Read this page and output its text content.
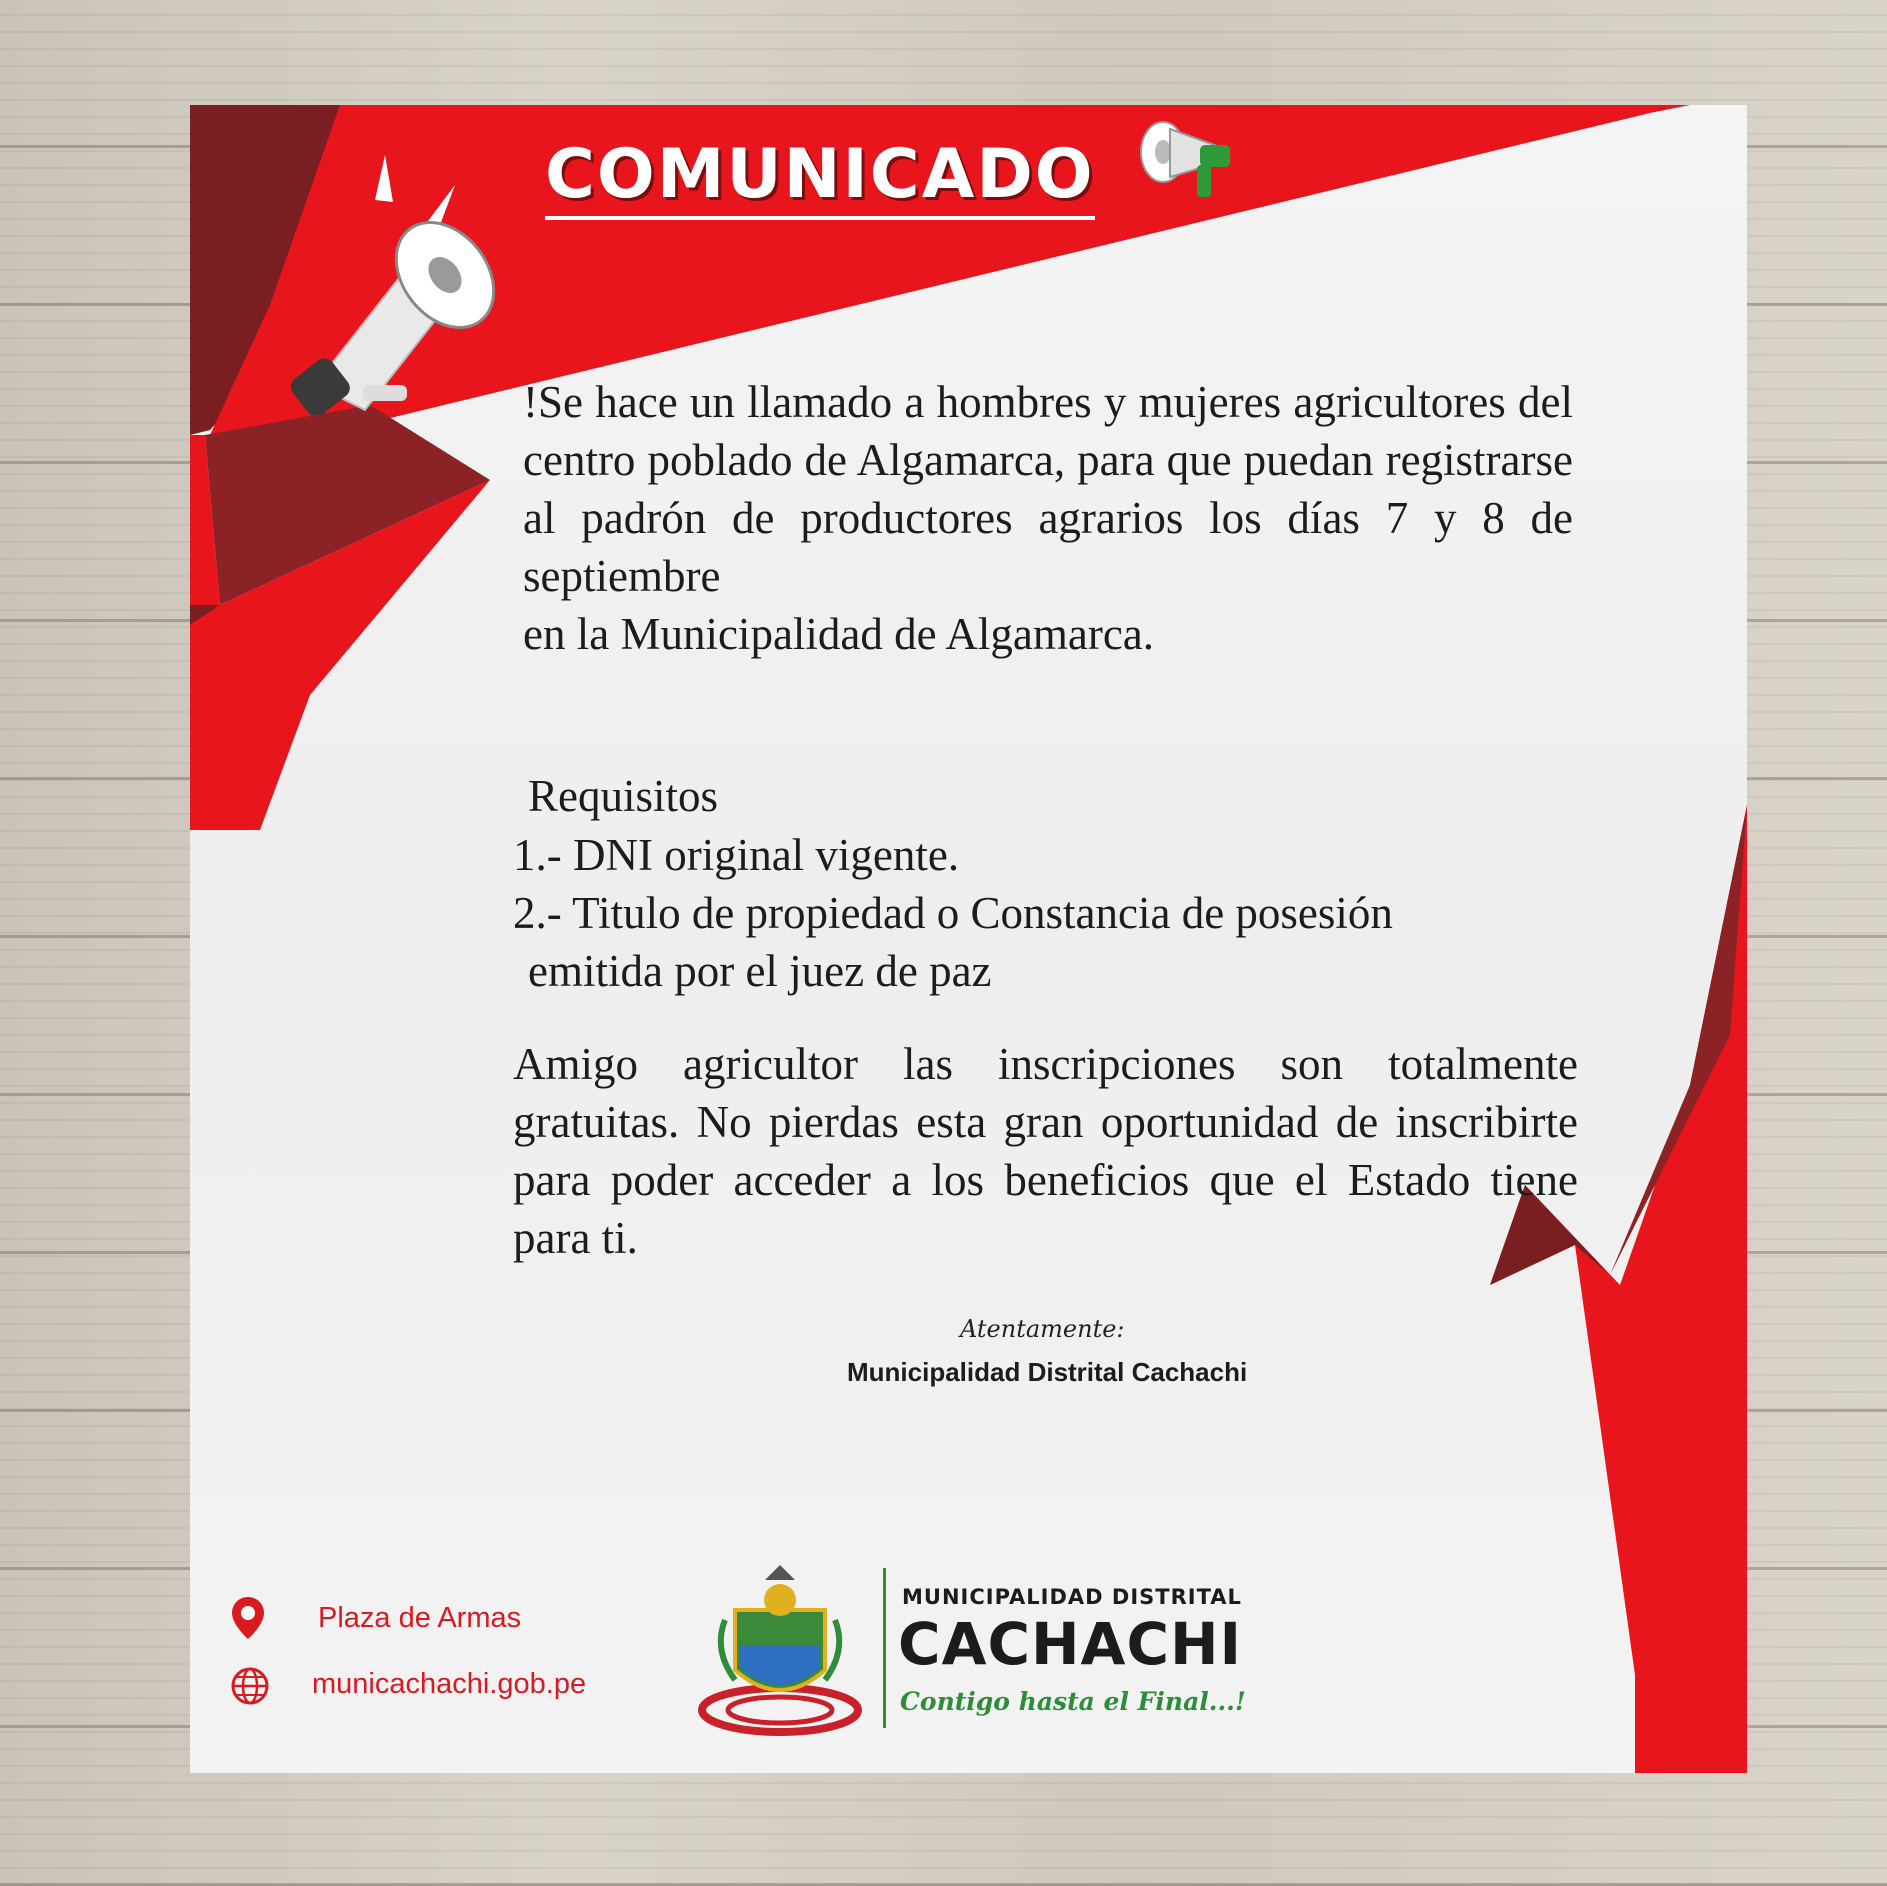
COMUNICADO

!Se hace un llamado a hombres y mujeres agricultores del centro poblado de Algamarca, para que puedan registrarse al padrón de productores agrarios los días 7 y 8 de septiembre
en la Municipalidad de Algamarca.

Requisitos
1.- DNI original vigente.
2.- Titulo de propiedad o Constancia de posesión
emitida por el juez de paz

Amigo agricultor las inscripciones son totalmente gratuitas. No pierdas esta gran oportunidad de inscribirte para poder acceder a los beneficios que el Estado tiene para ti.

Atentamente:
Municipalidad Distrital Cachachi
Plaza de Armas
municachachi.gob.pe
MUNICIPALIDAD DISTRITAL
CACHACHI
Contigo hasta el Final...!
